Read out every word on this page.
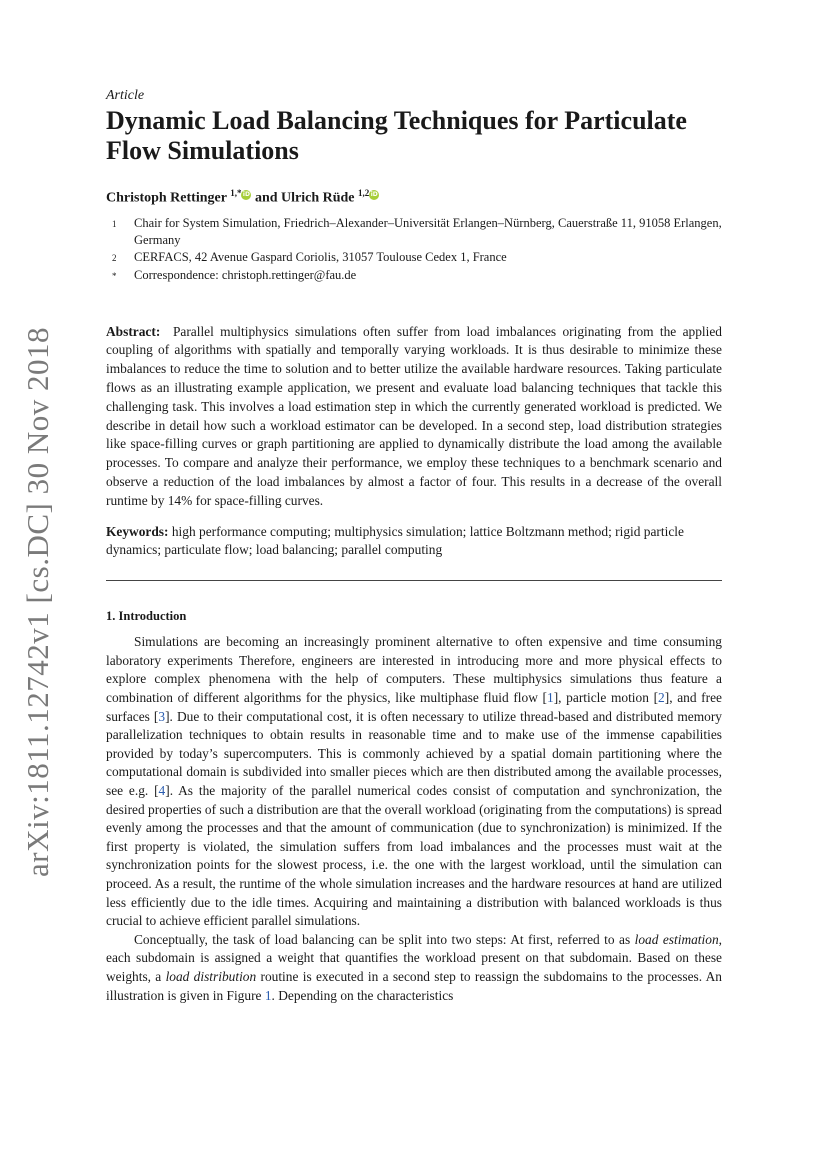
arXiv:1811.12742v1 [cs.DC] 30 Nov 2018
Article
Dynamic Load Balancing Techniques for Particulate Flow Simulations
Christoph Rettinger $^{1,*}$iD and Ulrich Rüde $^{1,2}$iD
1	Chair for System Simulation, Friedrich–Alexander–Universität Erlangen–Nürnberg, Cauerstraße 11, 91058 Erlangen, Germany
2	CERFACS, 42 Avenue Gaspard Coriolis, 31057 Toulouse Cedex 1, France
*	Correspondence: christoph.rettinger@fau.de
Abstract: Parallel multiphysics simulations often suffer from load imbalances originating from the applied coupling of algorithms with spatially and temporally varying workloads. It is thus desirable to minimize these imbalances to reduce the time to solution and to better utilize the available hardware resources. Taking particulate flows as an illustrating example application, we present and evaluate load balancing techniques that tackle this challenging task. This involves a load estimation step in which the currently generated workload is predicted. We describe in detail how such a workload estimator can be developed. In a second step, load distribution strategies like space-filling curves or graph partitioning are applied to dynamically distribute the load among the available processes. To compare and analyze their performance, we employ these techniques to a benchmark scenario and observe a reduction of the load imbalances by almost a factor of four. This results in a decrease of the overall runtime by 14% for space-filling curves.
Keywords: high performance computing; multiphysics simulation; lattice Boltzmann method; rigid particle dynamics; particulate flow; load balancing; parallel computing
1. Introduction

Simulations are becoming an increasingly prominent alternative to often expensive and time consuming laboratory experiments Therefore, engineers are interested in introducing more and more physical effects to explore complex phenomena with the help of computers. These multiphysics simulations thus feature a combination of different algorithms for the physics, like multiphase fluid flow [1], particle motion [2], and free surfaces [3]. Due to their computational cost, it is often necessary to utilize thread-based and distributed memory parallelization techniques to obtain results in reasonable time and to make use of the immense capabilities provided by today’s supercomputers. This is commonly achieved by a spatial domain partitioning where the computational domain is subdivided into smaller pieces which are then distributed among the available processes, see e.g. [4]. As the majority of the parallel numerical codes consist of computation and synchronization, the desired properties of such a distribution are that the overall workload (originating from the computations) is spread evenly among the processes and that the amount of communication (due to synchronization) is minimized. If the first property is violated, the simulation suffers from load imbalances and the processes must wait at the synchronization points for the slowest process, i.e. the one with the largest workload, until the simulation can proceed. As a result, the runtime of the whole simulation increases and the hardware resources at hand are utilized less efficiently due to the idle times. Acquiring and maintaining a distribution with balanced workloads is thus crucial to achieve efficient parallel simulations.

Conceptually, the task of load balancing can be split into two steps: At first, referred to as load estimation, each subdomain is assigned a weight that quantifies the workload present on that subdomain. Based on these weights, a load distribution routine is executed in a second step to reassign the subdomains to the processes. An illustration is given in Figure 1. Depending on the characteristics
